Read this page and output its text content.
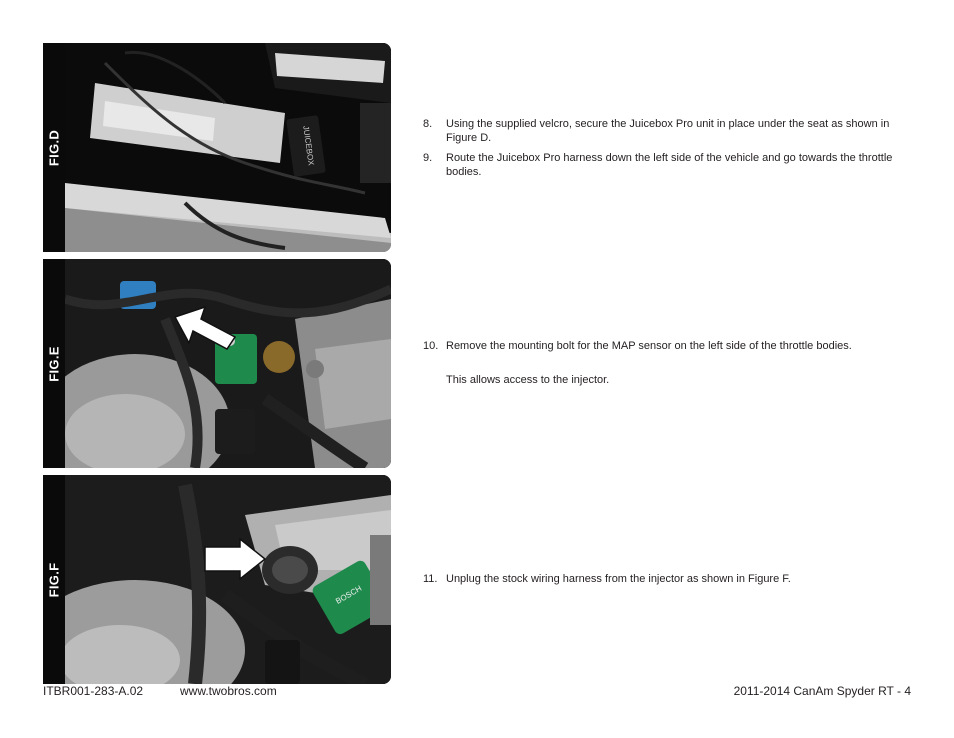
FIG.D	JUICEBOX
FIG.E
FIG.F	BOSCH
8. Using the supplied velcro, secure the Juicebox Pro unit in place under the seat as shown in Figure D.
9. Route the Juicebox Pro harness down the left side of the vehicle and go towards the throttle bodies.
10. Remove the mounting bolt for the MAP sensor on the left side of the throttle bodies.
This allows access to the injector.
11. Unplug the stock wiring harness from the injector as shown in Figure F.
ITBR001-283-A.02	www.twobros.com	2011-2014 CanAm Spyder RT - 4
